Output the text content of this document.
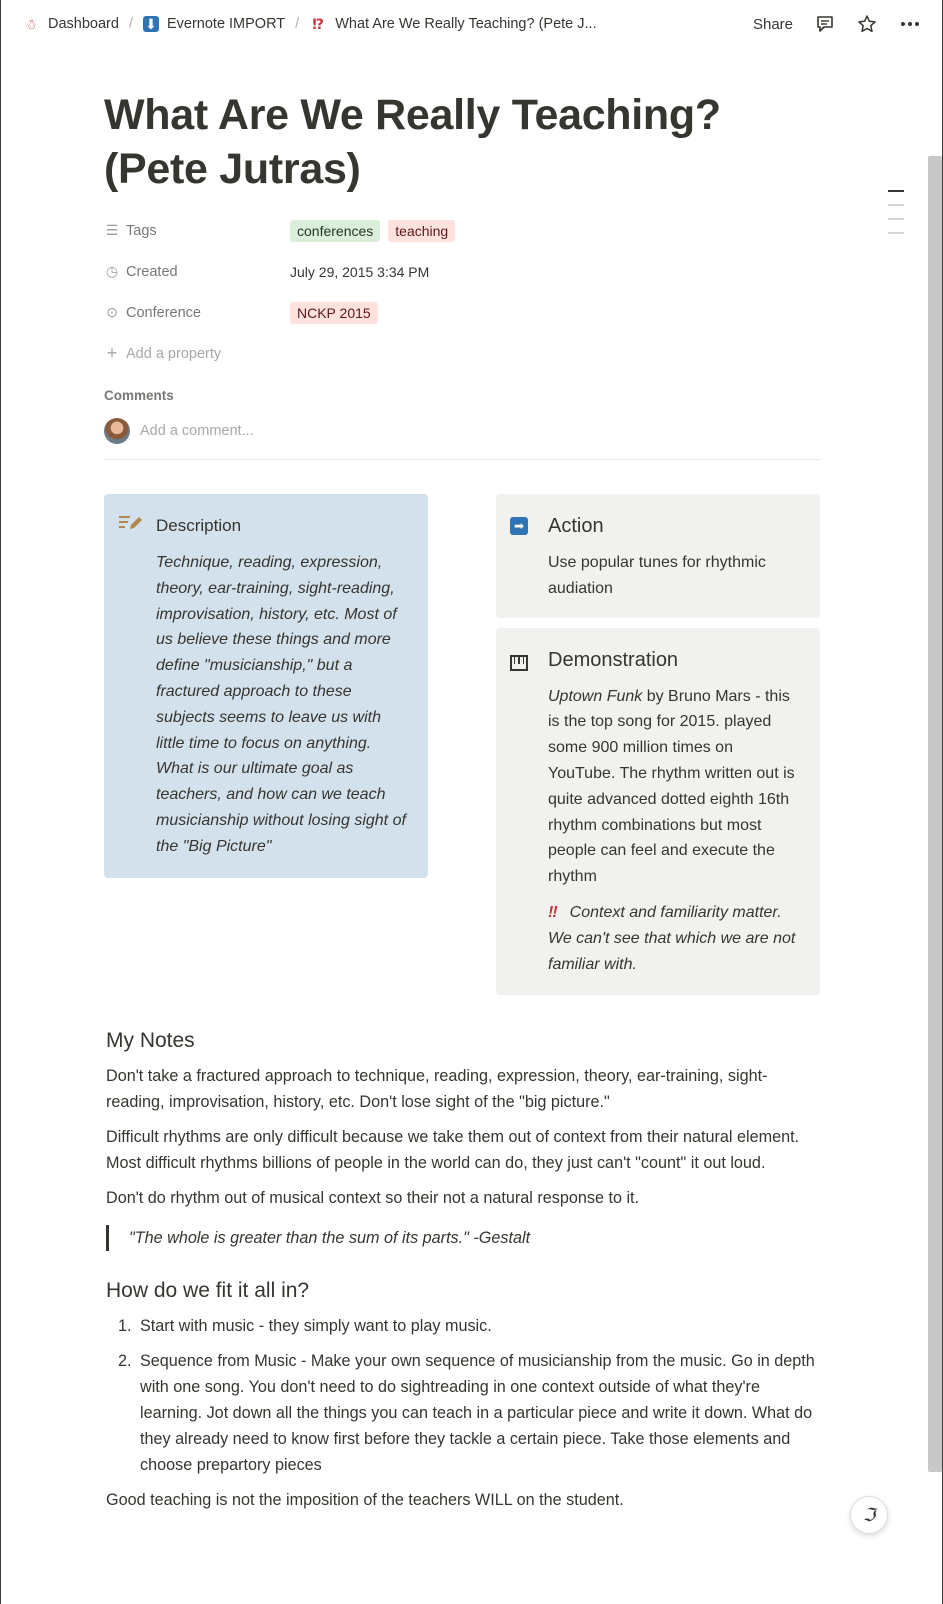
☃ Dashboard / ⬇ Evernote IMPORT / ⁉ What Are We Really Teaching? (Pete J...	Share
What Are We Really Teaching? (Pete Jutras)
☰ Tags	conferences	teaching
◷ Created	July 29, 2015 3:34 PM
⊙ Conference	NCKP 2015
+ Add a property
Comments
Add a comment...
Description
Technique, reading, expression, theory, ear-training, sight-reading, improvisation, history, etc. Most of us believe these things and more define "musicianship," but a fractured approach to these subjects seems to leave us with little time to focus on anything. What is our ultimate goal as teachers, and how can we teach musicianship without losing sight of the "Big Picture"
➡	Action
Use popular tunes for rhythmic audiation
Demonstration
Uptown Funk by Bruno Mars - this is the top song for 2015. played some 900 million times on YouTube. The rhythm written out is quite advanced dotted eighth 16th rhythm combinations but most people can feel and execute the rhythm
‼ Context and familiarity matter. We can't see that which we are not familiar with.
My Notes

Don't take a fractured approach to technique, reading, expression, theory, ear-training, sight-reading, improvisation, history, etc. Don't lose sight of the "big picture."

Difficult rhythms are only difficult because we take them out of context from their natural element. Most difficult rhythms billions of people in the world can do, they just can't "count" it out loud.

Don't do rhythm out of musical context so their not a natural response to it.

"The whole is greater than the sum of its parts." -Gestalt
How do we fit it all in?
1. Start with music - they simply want to play music.
2. Sequence from Music - Make your own sequence of musicianship from the music. Go in depth with one song. You don't need to do sightreading in one context outside of what they're learning. Jot down all the things you can teach in a particular piece and write it down. What do they already need to know first before they tackle a certain piece. Take those elements and choose prepartory pieces

Good teaching is not the imposition of the teachers WILL on the student.

ℑ
